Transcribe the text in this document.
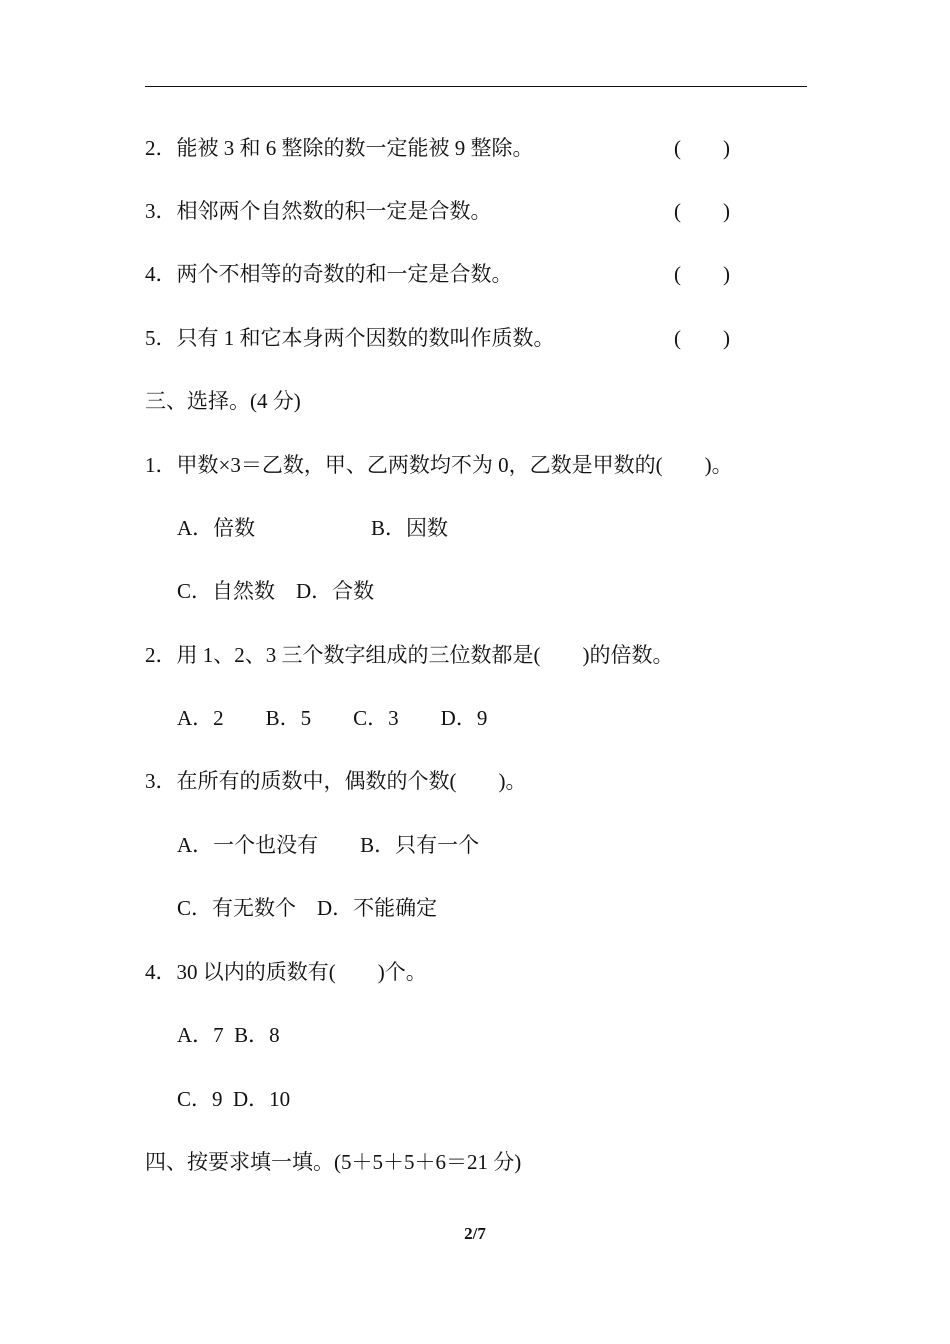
2．能被 3 和 6 整除的数一定能被 9 整除。	(        )
3．相邻两个自然数的积一定是合数。	(        )
4．两个不相等的奇数的和一定是合数。	(        )
5．只有 1 和它本身两个因数的数叫作质数。	(        )
三、选择。(4 分)
1．甲数×3＝乙数，甲、乙两数均不为 0，乙数是甲数的(        )。
A．倍数	B．因数
C．自然数    D．合数
2．用 1、2、3 三个数字组成的三位数都是(        )的倍数。
A．2        B．5        C．3        D．9
3．在所有的质数中，偶数的个数(        )。
A．一个也没有        B．只有一个
C．有无数个    D．不能确定
4．30 以内的质数有(        )个。
A．7  B．8
C．9  D．10
四、按要求填一填。(5＋5＋5＋6＝21 分)
2/7
